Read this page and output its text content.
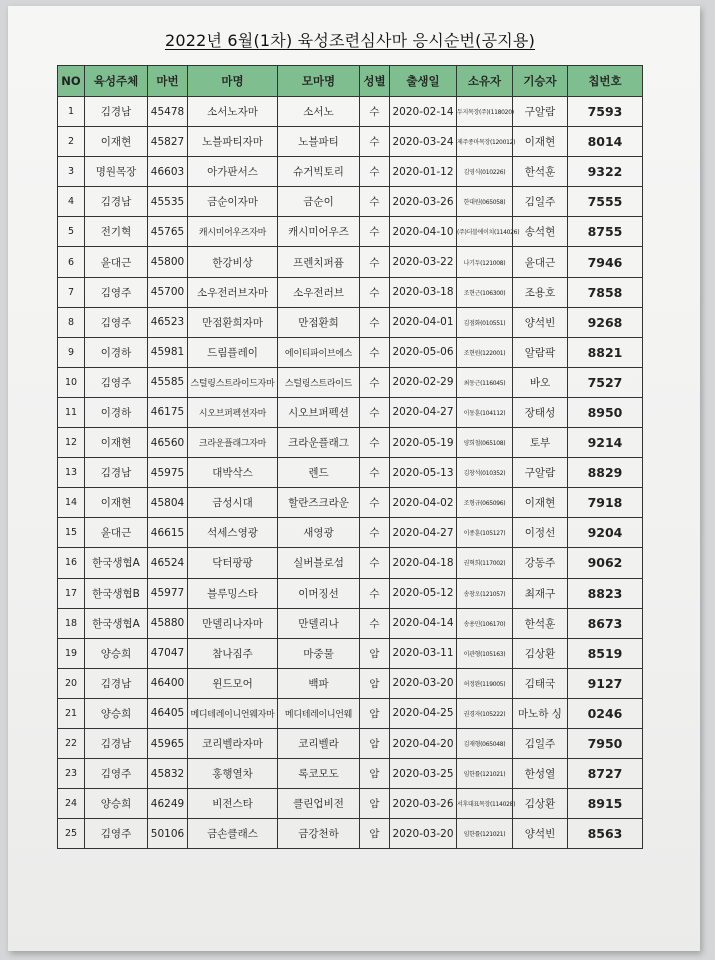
2022년 6월(1차) 육성조련심사마 응시순번(공지용)
NO	육성주체	마번	마명	모마명	성별	출생일	소유자	기승자	칩번호
1	김경남	45478	소서노자마	소서노	수	2020-02-14	두지목장(주)(118020)	구알람	7593
2	이재현	45827	노블파티자마	노블파티	수	2020-03-24	제주종마목장(120012)	이재현	8014
3	명원목장	46603	아가판서스	슈거빅토리	수	2020-01-12	김영식(010226)	한석훈	9322
4	김경남	45535	금순이자마	금순이	수	2020-03-26	한대원(065058)	김일주	7555
5	전기혁	45765	캐시미어우즈자마	캐시미어우즈	수	2020-04-10	(주)더블에이치(114026)	송석현	8755
6	윤대근	45800	한강비상	프렌치퍼퓸	수	2020-03-22	나기두(121008)	윤대근	7946
7	김영주	45700	소우전러브자마	소우전러브	수	2020-03-18	조현근(106300)	조용호	7858
8	김영주	46523	만점환희자마	만점환희	수	2020-04-01	김점화(010551)	양석빈	9268
9	이경하	45981	드림플레이	에이티파이브에스	수	2020-05-06	조현원(122001)	알람팍	8821
10	김영주	45585	스털링스트라이드자마	스털링스트라이드	수	2020-02-29	최동근(116045)	바오	7527
11	이경하	46175	시오브퍼펙션자마	시오브퍼펙션	수	2020-04-27	이동훈(104112)	장태성	8950
12	이재현	46560	크라운플래그자마	크라운플래그	수	2020-05-19	양희철(065108)	토부	9214
13	김경남	45975	대박삭스	렌드	수	2020-05-13	김창석(010352)	구알람	8829
14	이재현	45804	금성시대	할란즈크라운	수	2020-04-02	조형규(065096)	이재현	7918
15	윤대근	46615	석세스영광	새영광	수	2020-04-27	이종훈(105127)	이정선	9204
16	한국생협A	46524	닥터팡팡	실버블로섬	수	2020-04-18	권혁희(117002)	강동주	9062
17	한국생협B	45977	블루밍스타	이머징선	수	2020-05-12	송창오(121057)	최재구	8823
18	한국생협A	45880	만델리나자마	만델리나	수	2020-04-14	송용민(106170)	한석훈	8673
19	양승희	47047	참나짐주	마중물	암	2020-03-11	이관형(105163)	김상환	8519
20	김경남	46400	윈드모어	백파	암	2020-03-20	허정완(119005)	김태국	9127
21	양승희	46405	메디테레이니언웨자마	메디테레이니언웨	암	2020-04-25	권경자(105222)	마노하 싱	0246
22	김경남	45965	코리벨라자마	코리벨라	암	2020-04-20	김재형(065048)	김일주	7950
23	김영주	45832	홍행열차	록코모도	암	2020-03-25	임한률(121021)	한성열	8727
24	양승희	46249	비전스타	클린업비전	암	2020-03-26	서후대표목장(114028)	김상환	8915
25	김영주	50106	금손클래스	금강천하	암	2020-03-20	임한률(121021)	양석빈	8563
